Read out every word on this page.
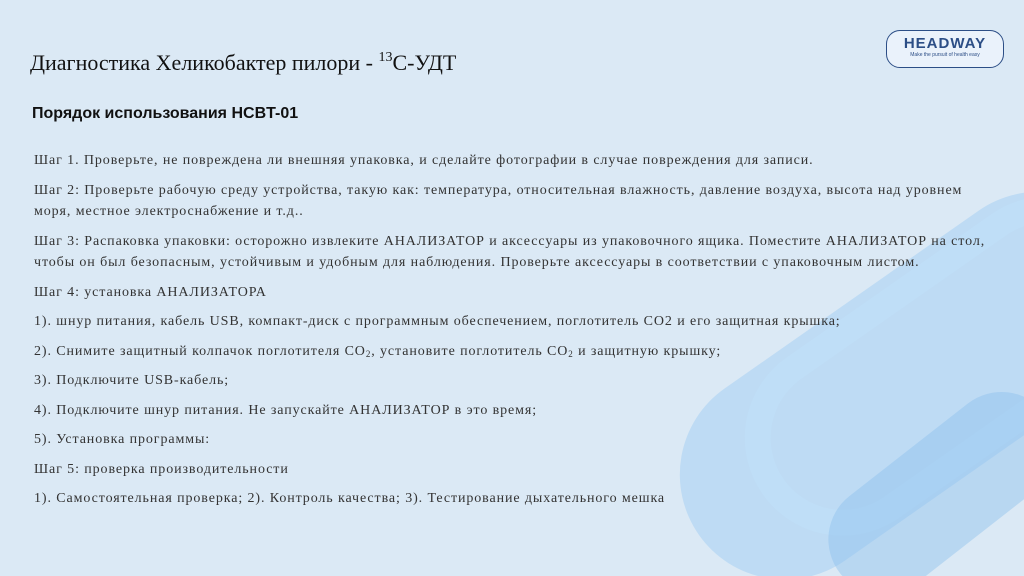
Диагностика Хеликобактер пилори - $^{13}$С-УДТ
HEADWAY
Make the pursuit of health easy
Порядок использования HCBT-01

Шаг 1. Проверьте, не повреждена ли внешняя упаковка, и сделайте фотографии в случае повреждения для записи.

Шаг 2: Проверьте рабочую среду устройства, такую как: температура, относительная влажность, давление воздуха, высота над уровнем моря, местное электроснабжение и т.д..

Шаг 3: Распаковка упаковки: осторожно извлеките АНАЛИЗАТОР и аксессуары из упаковочного ящика. Поместите АНАЛИЗАТОР на стол, чтобы он был безопасным, устойчивым и удобным для наблюдения. Проверьте аксессуары в соответствии с упаковочным листом.

Шаг 4: установка АНАЛИЗАТОРА

1). шнур питания, кабель USB, компакт-диск с программным обеспечением, поглотитель CO2 и его защитная крышка;

2). Снимите защитный колпачок поглотителя $CO_2$, установите поглотитель $CO_2$ и защитную крышку;

3). Подключите USB-кабель;

4). Подключите шнур питания. Не запускайте АНАЛИЗАТОР в это время;

5). Установка программы:

Шаг 5: проверка производительности

1). Самостоятельная проверка; 2). Контроль качества; 3). Тестирование дыхательного мешка
